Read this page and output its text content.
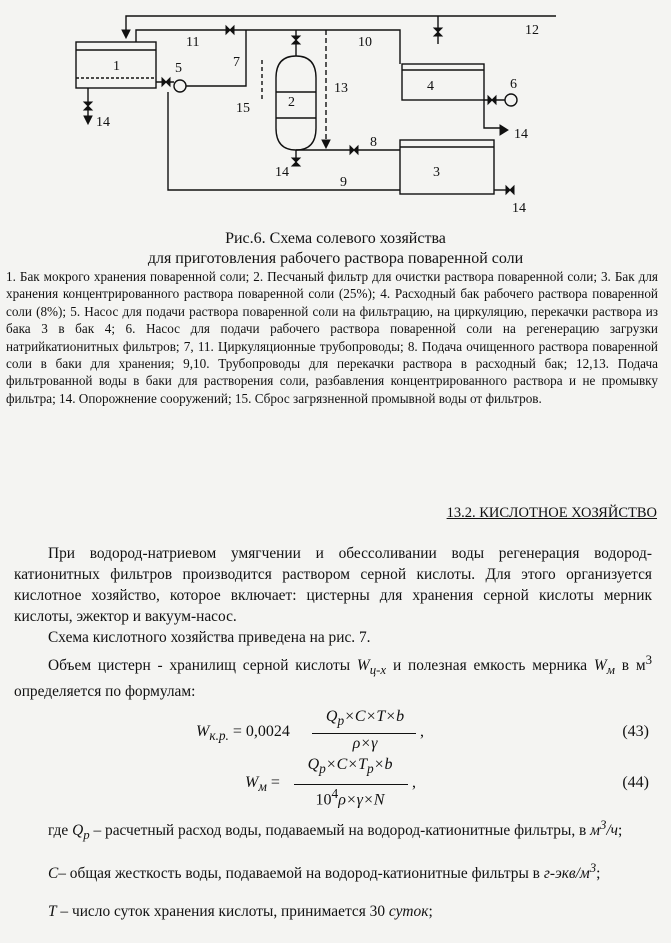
1
2
3
4
5
6
7
8
9
10
11
12
13
14
14
14
14
15
Рис.6. Схема солевого хозяйства
для приготовления рабочего раствора поваренной соли
1. Бак мокрого хранения поваренной соли; 2. Песчаный фильтр для очистки раствора поваренной соли; 3. Бак для хранения концентрированного раствора поваренной соли (25%); 4. Расходный бак рабочего раствора поваренной соли (8%); 5. Насос для подачи раствора поваренной соли на фильтрацию, на циркуляцию, перекачки раствора из бака 3 в бак 4; 6. Насос для подачи рабочего раствора поваренной соли на регенерацию загрузки натрийкатионитных фильтров; 7, 11. Циркуляционные трубопроводы; 8. Подача очищенного раствора поваренной соли в баки для хранения; 9,10. Трубопроводы для перекачки раствора в расходный бак; 12,13. Подача фильтрованной воды в баки для растворения соли, разбавления концентрированного раствора и не промывку фильтра; 14. Опорожнение сооружений; 15. Сброс загрязненной промывной воды от фильтров.
13.2. КИСЛОТНОЕ ХОЗЯЙСТВО

При водород-натриевом умягчении и обессоливании воды регенерация водород-катионитных фильтров производится раствором серной кислоты. Для этого организуется кислотное хозяйство, которое включает: цистерны для хранения серной кислоты мерник кислоты, эжектор и вакуум-насос.

Схема кислотного хозяйства приведена на рис. 7.

Объем цистерн - хранилищ серной кислоты $W_{ц-х}$ и полезная емкость мерника $W_м$ в $м^3$ определяется по формулам:

$W_{к.р.} = 0,0024$
$Q_p\times C\times T\times b$
ρ×γ
,	(43)
$W_м$ =
$Q_p\times C\times T_p\times b$
$10^4\rho\times\gamma\times N$
,	(44)

где $Q_р$ – расчетный расход воды, подаваемый на водород-катионитные фильтры, в $м^3/ч$;

С– общая жесткость воды, подаваемой на водород-катионитные фильтры в $г-экв/м^3$;

Т – число суток хранения кислоты, принимается 30 суток;
